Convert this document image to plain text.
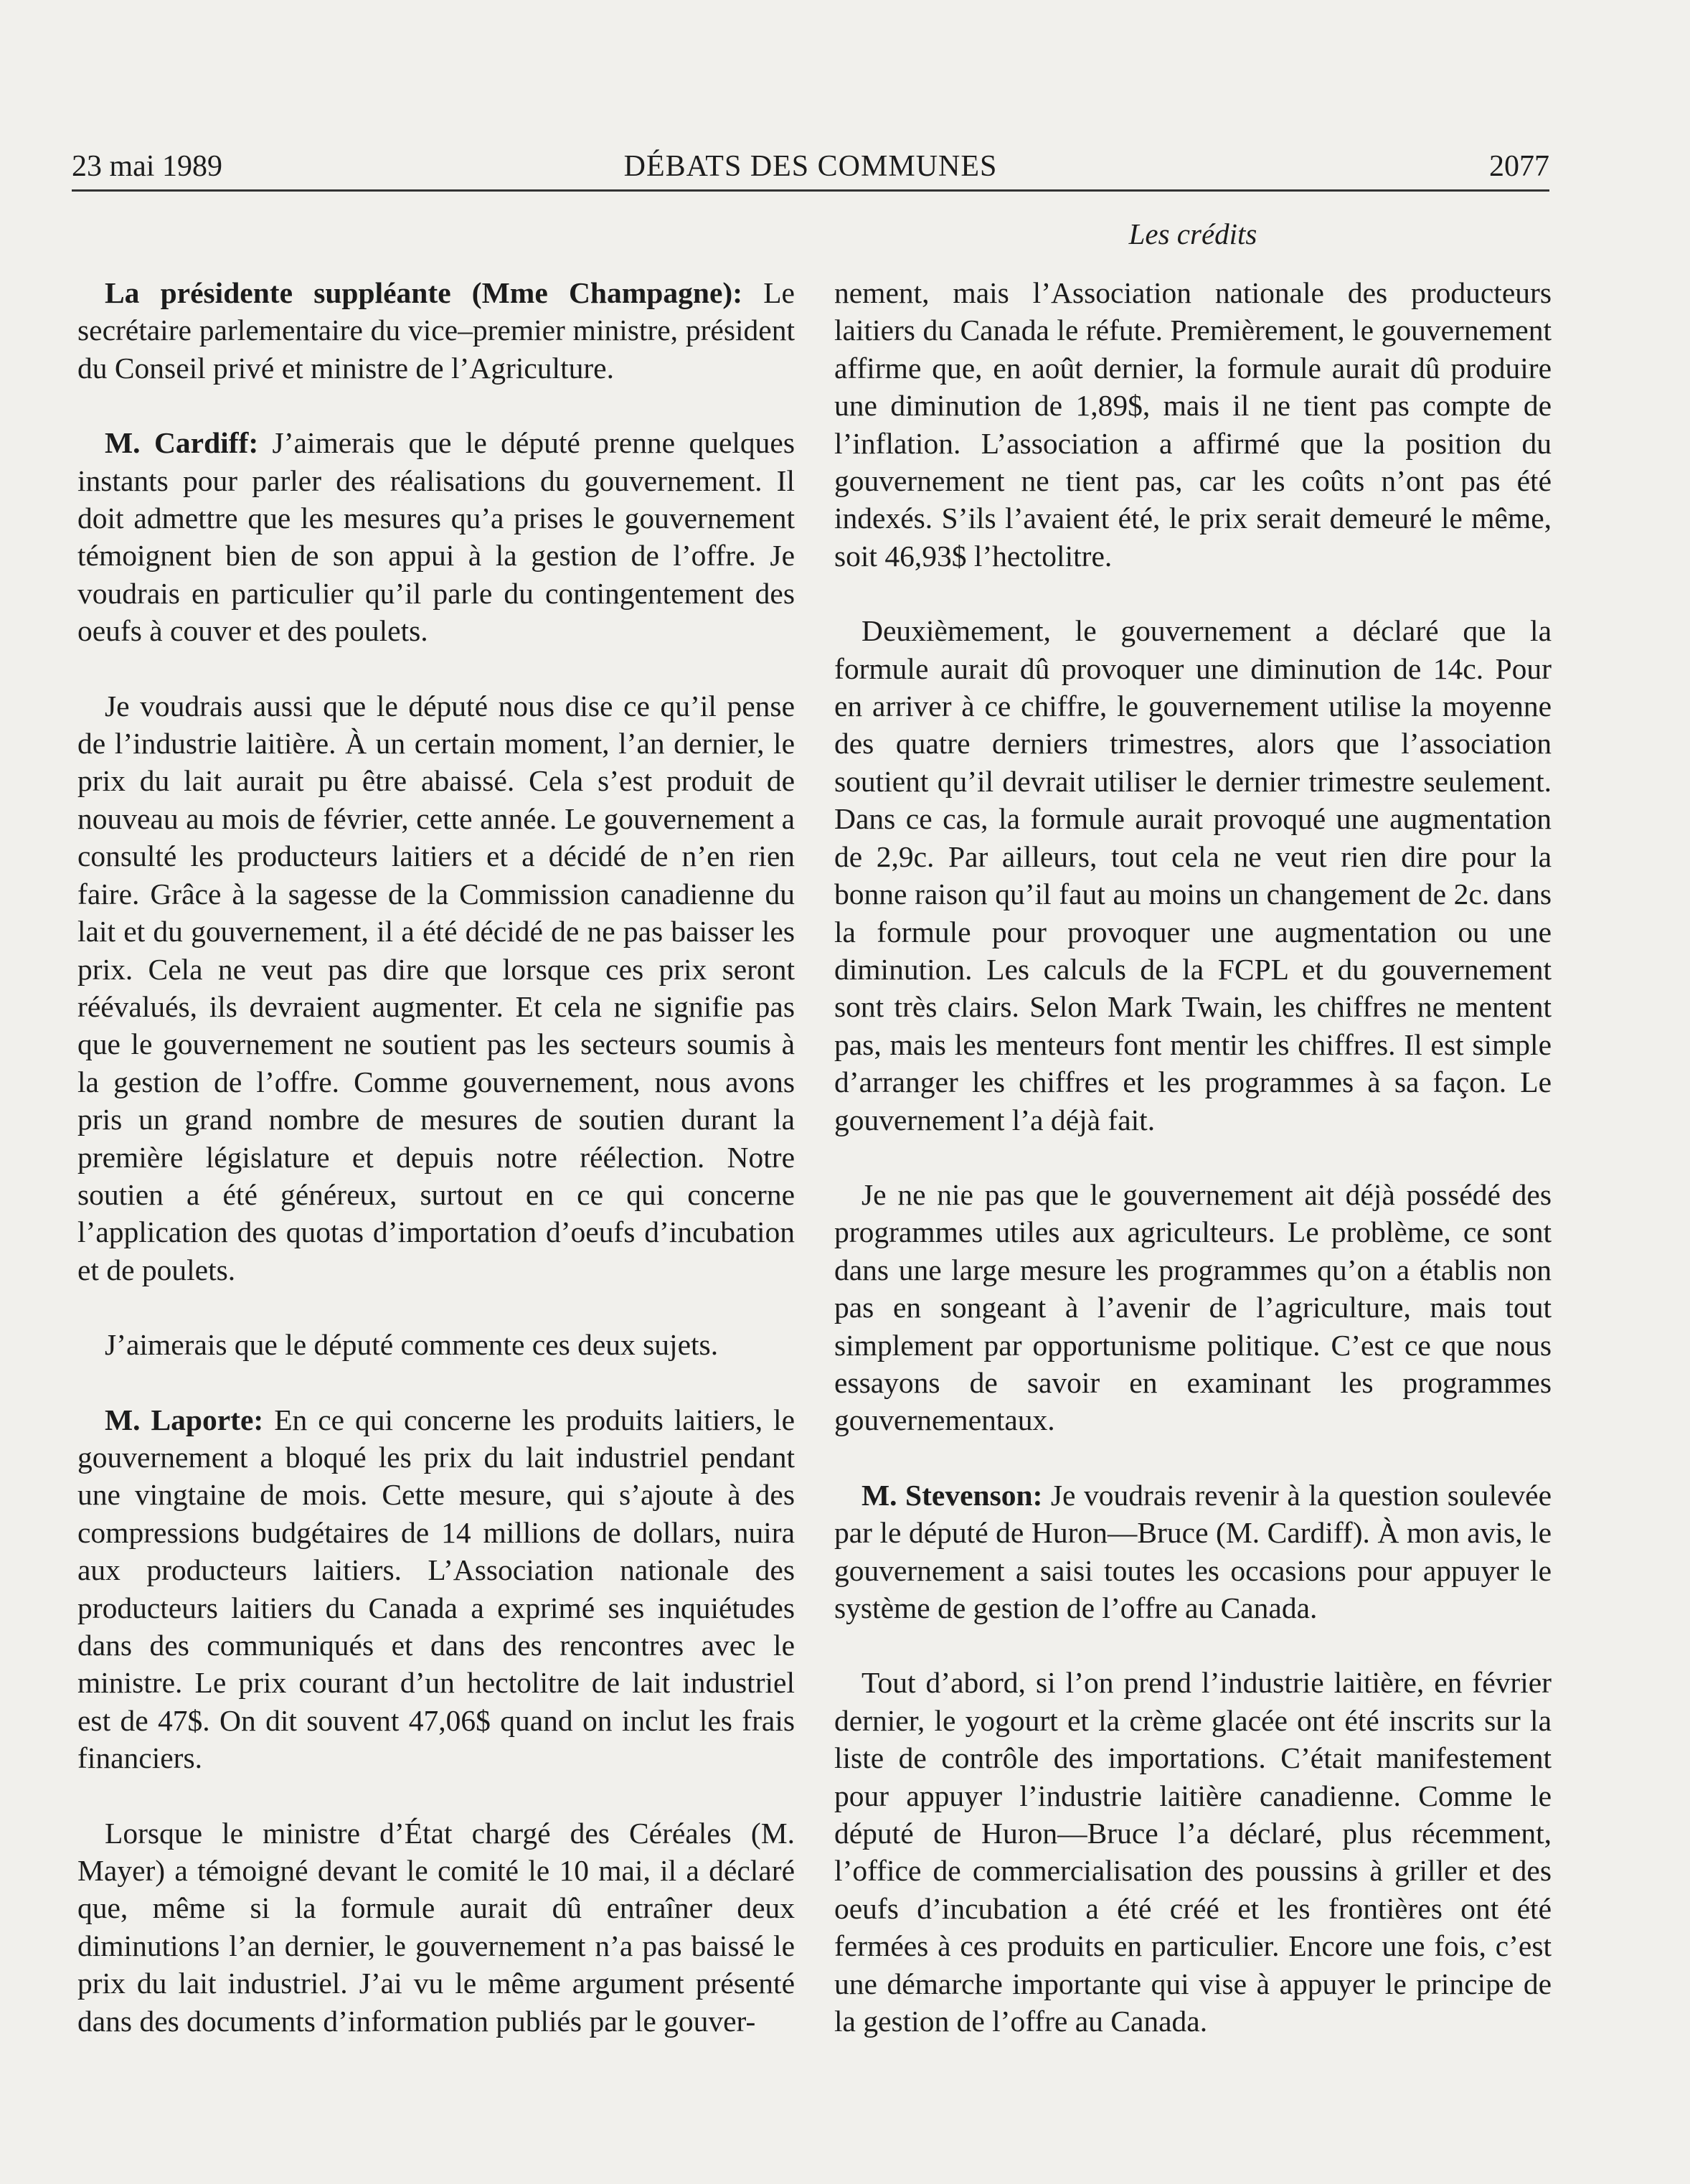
23 mai 1989	DÉBATS DES COMMUNES	2077
Les crédits

La présidente suppléante (Mme Champagne): Le secrétaire parlementaire du vice–premier ministre, président du Conseil privé et ministre de l’Agriculture.

M. Cardiff: J’aimerais que le député prenne quelques instants pour parler des réalisations du gouvernement. Il doit admettre que les mesures qu’a prises le gouvernement témoignent bien de son appui à la gestion de l’offre. Je voudrais en particulier qu’il parle du contingentement des oeufs à couver et des poulets.

Je voudrais aussi que le député nous dise ce qu’il pense de l’industrie laitière. À un certain moment, l’an dernier, le prix du lait aurait pu être abaissé. Cela s’est produit de nouveau au mois de février, cette année. Le gouvernement a consulté les producteurs laitiers et a décidé de n’en rien faire. Grâce à la sagesse de la Commission canadienne du lait et du gouvernement, il a été décidé de ne pas baisser les prix. Cela ne veut pas dire que lorsque ces prix seront réévalués, ils devraient augmenter. Et cela ne signifie pas que le gouvernement ne soutient pas les secteurs soumis à la gestion de l’offre. Comme gouvernement, nous avons pris un grand nombre de mesures de soutien durant la première législature et depuis notre réélection. Notre soutien a été généreux, surtout en ce qui concerne l’application des quotas d’importation d’oeufs d’incubation et de poulets.

J’aimerais que le député commente ces deux sujets.

M. Laporte: En ce qui concerne les produits laitiers, le gouvernement a bloqué les prix du lait industriel pendant une vingtaine de mois. Cette mesure, qui s’ajoute à des compressions budgétaires de 14 millions de dollars, nuira aux producteurs laitiers. L’Association nationale des producteurs laitiers du Canada a exprimé ses inquiétudes dans des communiqués et dans des rencontres avec le ministre. Le prix courant d’un hectolitre de lait industriel est de 47$. On dit souvent 47,06$ quand on inclut les frais financiers.

Lorsque le ministre d’État chargé des Céréales (M. Mayer) a témoigné devant le comité le 10 mai, il a déclaré que, même si la formule aurait dû entraîner deux diminutions l’an dernier, le gouvernement n’a pas baissé le prix du lait industriel. J’ai vu le même argument présenté dans des documents d’information publiés par le gouver-

nement, mais l’Association nationale des producteurs laitiers du Canada le réfute. Premièrement, le gouvernement affirme que, en août dernier, la formule aurait dû produire une diminution de 1,89$, mais il ne tient pas compte de l’inflation. L’association a affirmé que la position du gouvernement ne tient pas, car les coûts n’ont pas été indexés. S’ils l’avaient été, le prix serait demeuré le même, soit 46,93$ l’hectolitre.

Deuxièmement, le gouvernement a déclaré que la formule aurait dû provoquer une diminution de 14c. Pour en arriver à ce chiffre, le gouvernement utilise la moyenne des quatre derniers trimestres, alors que l’association soutient qu’il devrait utiliser le dernier trimestre seulement. Dans ce cas, la formule aurait provoqué une augmentation de 2,9c. Par ailleurs, tout cela ne veut rien dire pour la bonne raison qu’il faut au moins un changement de 2c. dans la formule pour provoquer une augmentation ou une diminution. Les calculs de la FCPL et du gouvernement sont très clairs. Selon Mark Twain, les chiffres ne mentent pas, mais les menteurs font mentir les chiffres. Il est simple d’arranger les chiffres et les programmes à sa façon. Le gouvernement l’a déjà fait.

Je ne nie pas que le gouvernement ait déjà possédé des programmes utiles aux agriculteurs. Le problème, ce sont dans une large mesure les programmes qu’on a établis non pas en songeant à l’avenir de l’agriculture, mais tout simplement par opportunisme politique. C’est ce que nous essayons de savoir en examinant les programmes gouvernementaux.

M. Stevenson: Je voudrais revenir à la question soulevée par le député de Huron—Bruce (M. Cardiff). À mon avis, le gouvernement a saisi toutes les occasions pour appuyer le système de gestion de l’offre au Canada.

Tout d’abord, si l’on prend l’industrie laitière, en février dernier, le yogourt et la crème glacée ont été inscrits sur la liste de contrôle des importations. C’était manifestement pour appuyer l’industrie laitière canadienne. Comme le député de Huron—Bruce l’a déclaré, plus récemment, l’office de commercialisation des poussins à griller et des oeufs d’incubation a été créé et les frontières ont été fermées à ces produits en particulier. Encore une fois, c’est une démarche importante qui vise à appuyer le principe de la gestion de l’offre au Canada.
